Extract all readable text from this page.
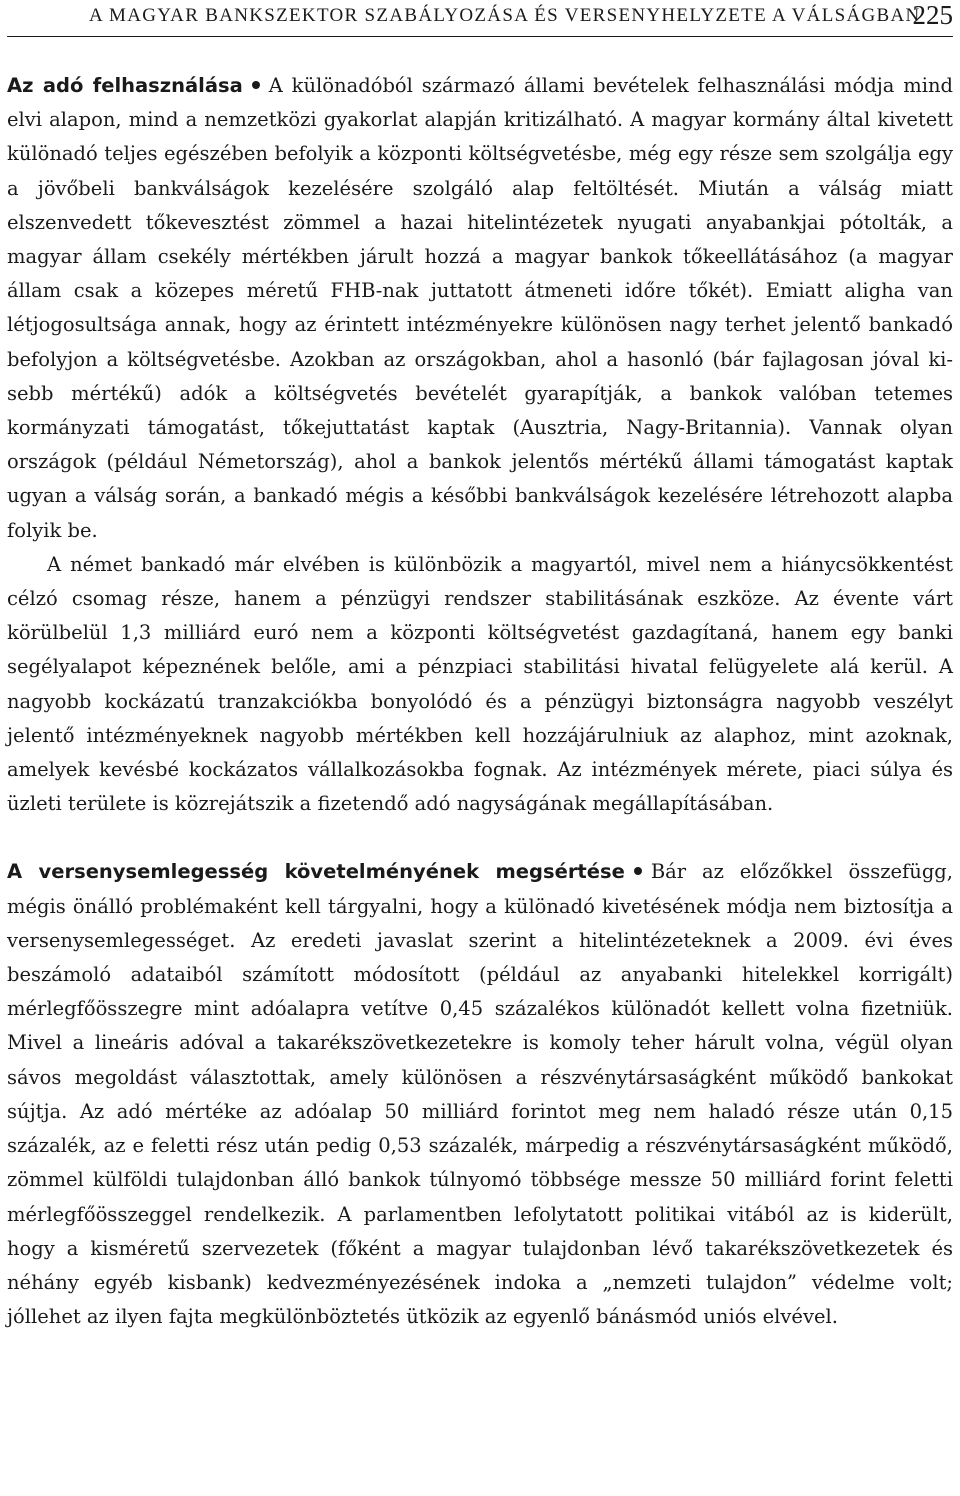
A MAGYAR BANKSZEKTOR SZABÁLYOZÁSA ÉS VERSENYHELYZETE A VÁLSÁGBAN
225

Az adó felhasználása A különadóból származó állami bevételek felhasználási módja mind elvi alapon, mind a nemzetközi gyakorlat alapján kritizálható. A magyar kormány által kivetett különadó teljes egészében befolyik a központi költségvetésbe, még egy része sem szolgálja egy a jövőbeli bankválságok kezelésére szolgáló alap feltöltését. Miután a válság miatt elszenvedett tőkevesztést zömmel a hazai hitelintézetek nyugati anyabankjai pótolták, a magyar állam csekély mértékben járult hozzá a magyar bankok tőkeellátásához (a magyar állam csak a közepes méretű FHB-nak juttatott átmeneti időre tőkét). Emiatt aligha van létjogosultsága annak, hogy az érintett intézményekre különösen nagy terhet jelentő bankadó befolyjon a költségvetésbe. Azokban az országokban, ahol a hasonló (bár fajlagosan jóval kisebb mértékű) adók a költségvetés bevételét gyarapítják, a bankok valóban tetemes kormányzati támogatást, tőkejuttatást kaptak (Ausztria, Nagy-Britannia). Vannak olyan országok (például Németország), ahol a bankok jelentős mértékű állami támogatást kaptak ugyan a válság során, a bankadó mégis a későbbi bankválságok kezelésére létrehozott alapba folyik be.

A német bankadó már elvében is különbözik a magyartól, mivel nem a hiánycsökkentést célzó csomag része, hanem a pénzügyi rendszer stabilitásának eszköze. Az évente várt körülbelül 1,3 milliárd euró nem a központi költségvetést gazdagítaná, hanem egy banki segélyalapot képeznének belőle, ami a pénzpiaci stabilitási hivatal felügyelete alá kerül. A nagyobb kockázatú tranzakciókba bonyolódó és a pénzügyi biztonságra nagyobb veszélyt jelentő intézményeknek nagyobb mértékben kell hozzájárulniuk az alaphoz, mint azoknak, amelyek kevésbé kockázatos vállalkozásokba fognak. Az intézmények mérete, piaci súlya és üzleti területe is közrejátszik a fizetendő adó nagyságának megállapításában.

A versenysemlegesség követelményének megsértése Bár az előzőkkel összefügg, mégis önálló problémaként kell tárgyalni, hogy a különadó kivetésének módja nem biztosítja a versenysemlegességet. Az eredeti javaslat szerint a hitelintézeteknek a 2009. évi éves beszámoló adataiból számított módosított (például az anyabanki hitelekkel korrigált) mérlegfőösszegre mint adóalapra vetítve 0,45 százalékos különadót kellett volna fizetniük. Mivel a lineáris adóval a takarékszövetkezetekre is komoly teher hárult volna, végül olyan sávos megoldást választottak, amely különösen a részvénytársaságként működő bankokat sújtja. Az adó mértéke az adóalap 50 milliárd forintot meg nem haladó része után 0,15 százalék, az e feletti rész után pedig 0,53 százalék, márpedig a részvénytársaságként működő, zömmel külföldi tulajdonban álló bankok túlnyomó többsége messze 50 milliárd forint feletti mérlegfőösszeggel rendelkezik. A parlamentben lefolytatott politikai vitából az is kiderült, hogy a kisméretű szervezetek (főként a magyar tulajdonban lévő takarékszövetkezetek és néhány egyéb kisbank) kedvezményezésének indoka a „nemzeti tulajdon” védelme volt; jóllehet az ilyen fajta megkülönböztetés ütközik az egyenlő bánásmód uniós elvével.
